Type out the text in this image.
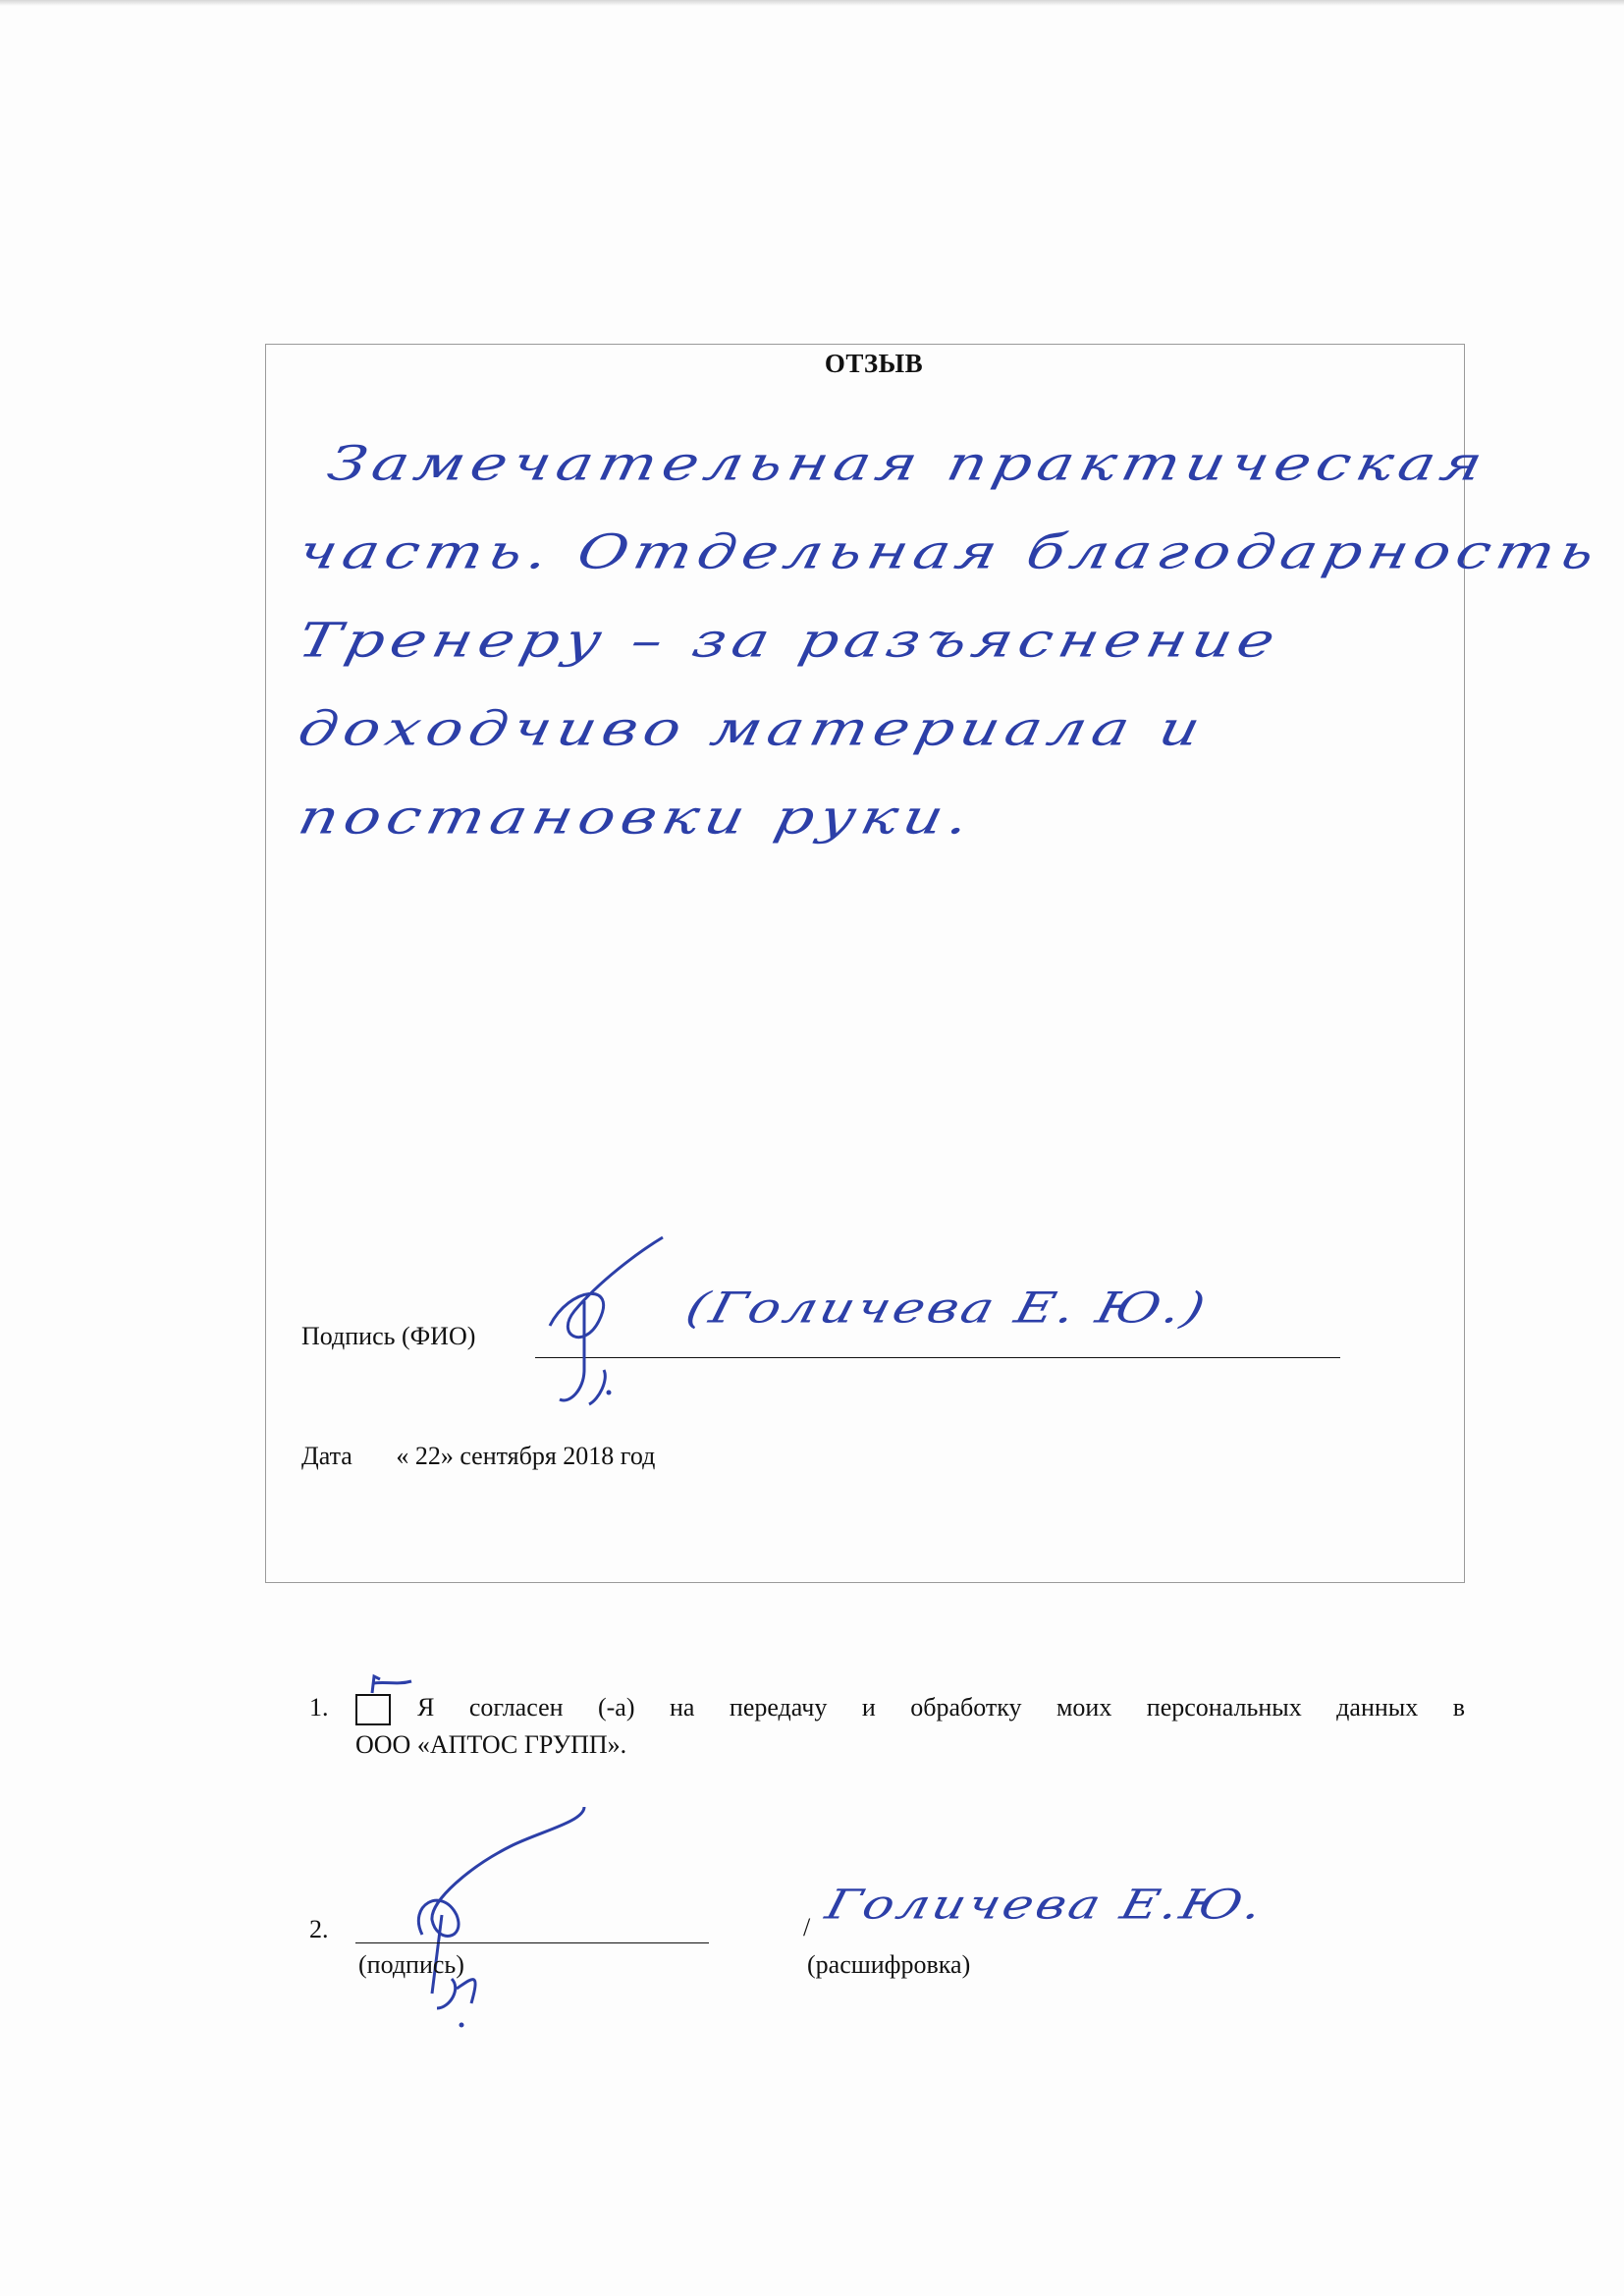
ОТЗЫВ
Замечательная практическая
часть. Отдельная благодарность
Тренеру – за разъяснение
доходчиво материала и
постановки руки.
Подпись (ФИО)
(Голичева Е. Ю.)
Дата « 22» сентября 2018 год
1.	Я согласен (-а) на передачу и обработку моих персональных данных в
ООО «АПТОС ГРУПП».
2.
(подпись)
/ Голичева Е.Ю.
(расшифровка)
